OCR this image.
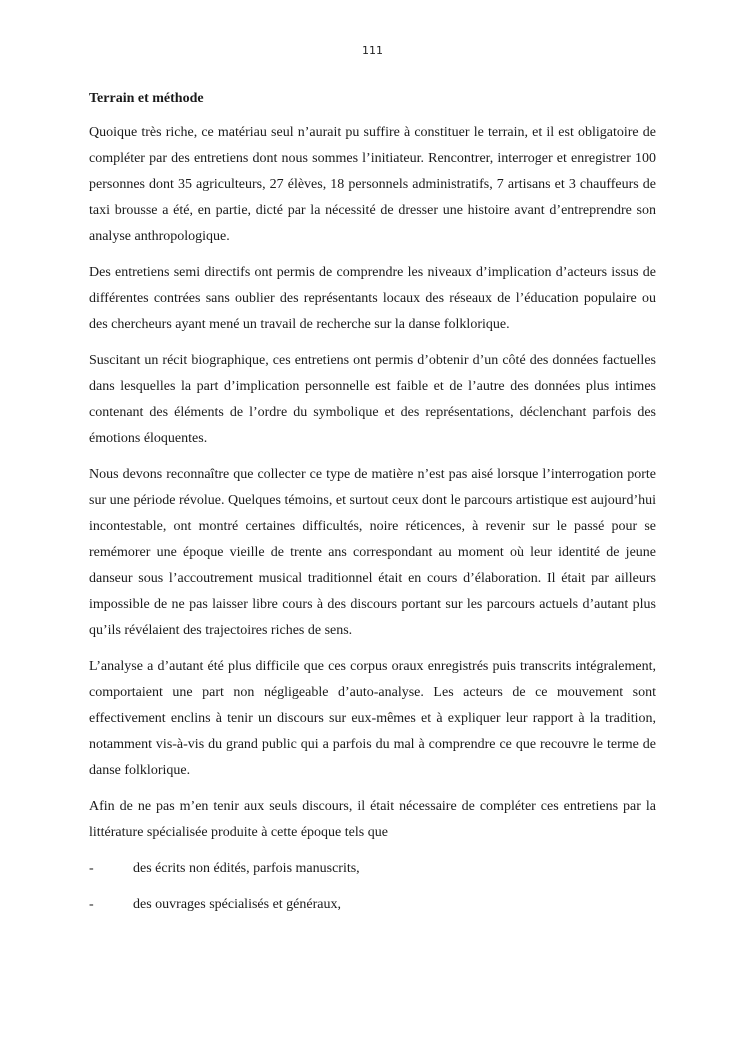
111
Terrain et méthode

Quoique très riche, ce matériau seul n’aurait pu suffire à constituer le terrain, et il est obligatoire de compléter par des entretiens dont nous sommes l’initiateur. Rencontrer, interroger et enregistrer 100 personnes dont 35 agriculteurs, 27 élèves, 18 personnels administratifs, 7 artisans et 3 chauffeurs de taxi brousse a été, en partie, dicté par la nécessité de dresser une histoire avant d’entreprendre son analyse anthropologique.

Des entretiens semi directifs ont permis de comprendre les niveaux d’implication d’acteurs issus de différentes contrées sans oublier des représentants locaux des réseaux de l’éducation populaire ou des chercheurs ayant mené un travail de recherche sur la danse folklorique.

Suscitant un récit biographique, ces entretiens ont permis d’obtenir d’un côté des données factuelles dans lesquelles la part d’implication personnelle est faible et de l’autre des données plus intimes contenant des éléments de l’ordre du symbolique et des représentations, déclenchant parfois des émotions éloquentes.

Nous devons reconnaître que collecter ce type de matière n’est pas aisé lorsque l’interrogation porte sur une période révolue. Quelques témoins, et surtout ceux dont le parcours artistique est aujourd’hui incontestable, ont montré certaines difficultés, noire réticences, à revenir sur le passé pour se remémorer une époque vieille de trente ans correspondant au moment où leur identité de jeune danseur sous l’accoutrement musical traditionnel était en cours d’élaboration. Il était par ailleurs impossible de ne pas laisser libre cours à des discours portant sur les parcours actuels d’autant plus qu’ils révélaient des trajectoires riches de sens.

L’analyse a d’autant été plus difficile que ces corpus oraux enregistrés puis transcrits intégralement, comportaient une part non négligeable d’auto-analyse. Les acteurs de ce mouvement sont effectivement enclins à tenir un discours sur eux-mêmes et à expliquer leur rapport à la tradition, notamment vis-à-vis du grand public qui a parfois du mal à comprendre ce que recouvre le terme de danse folklorique.

Afin de ne pas m’en tenir aux seuls discours, il était nécessaire de compléter ces entretiens par la littérature spécialisée produite à cette époque tels que

-	des écrits non édités, parfois manuscrits,
-	des ouvrages spécialisés et généraux,
